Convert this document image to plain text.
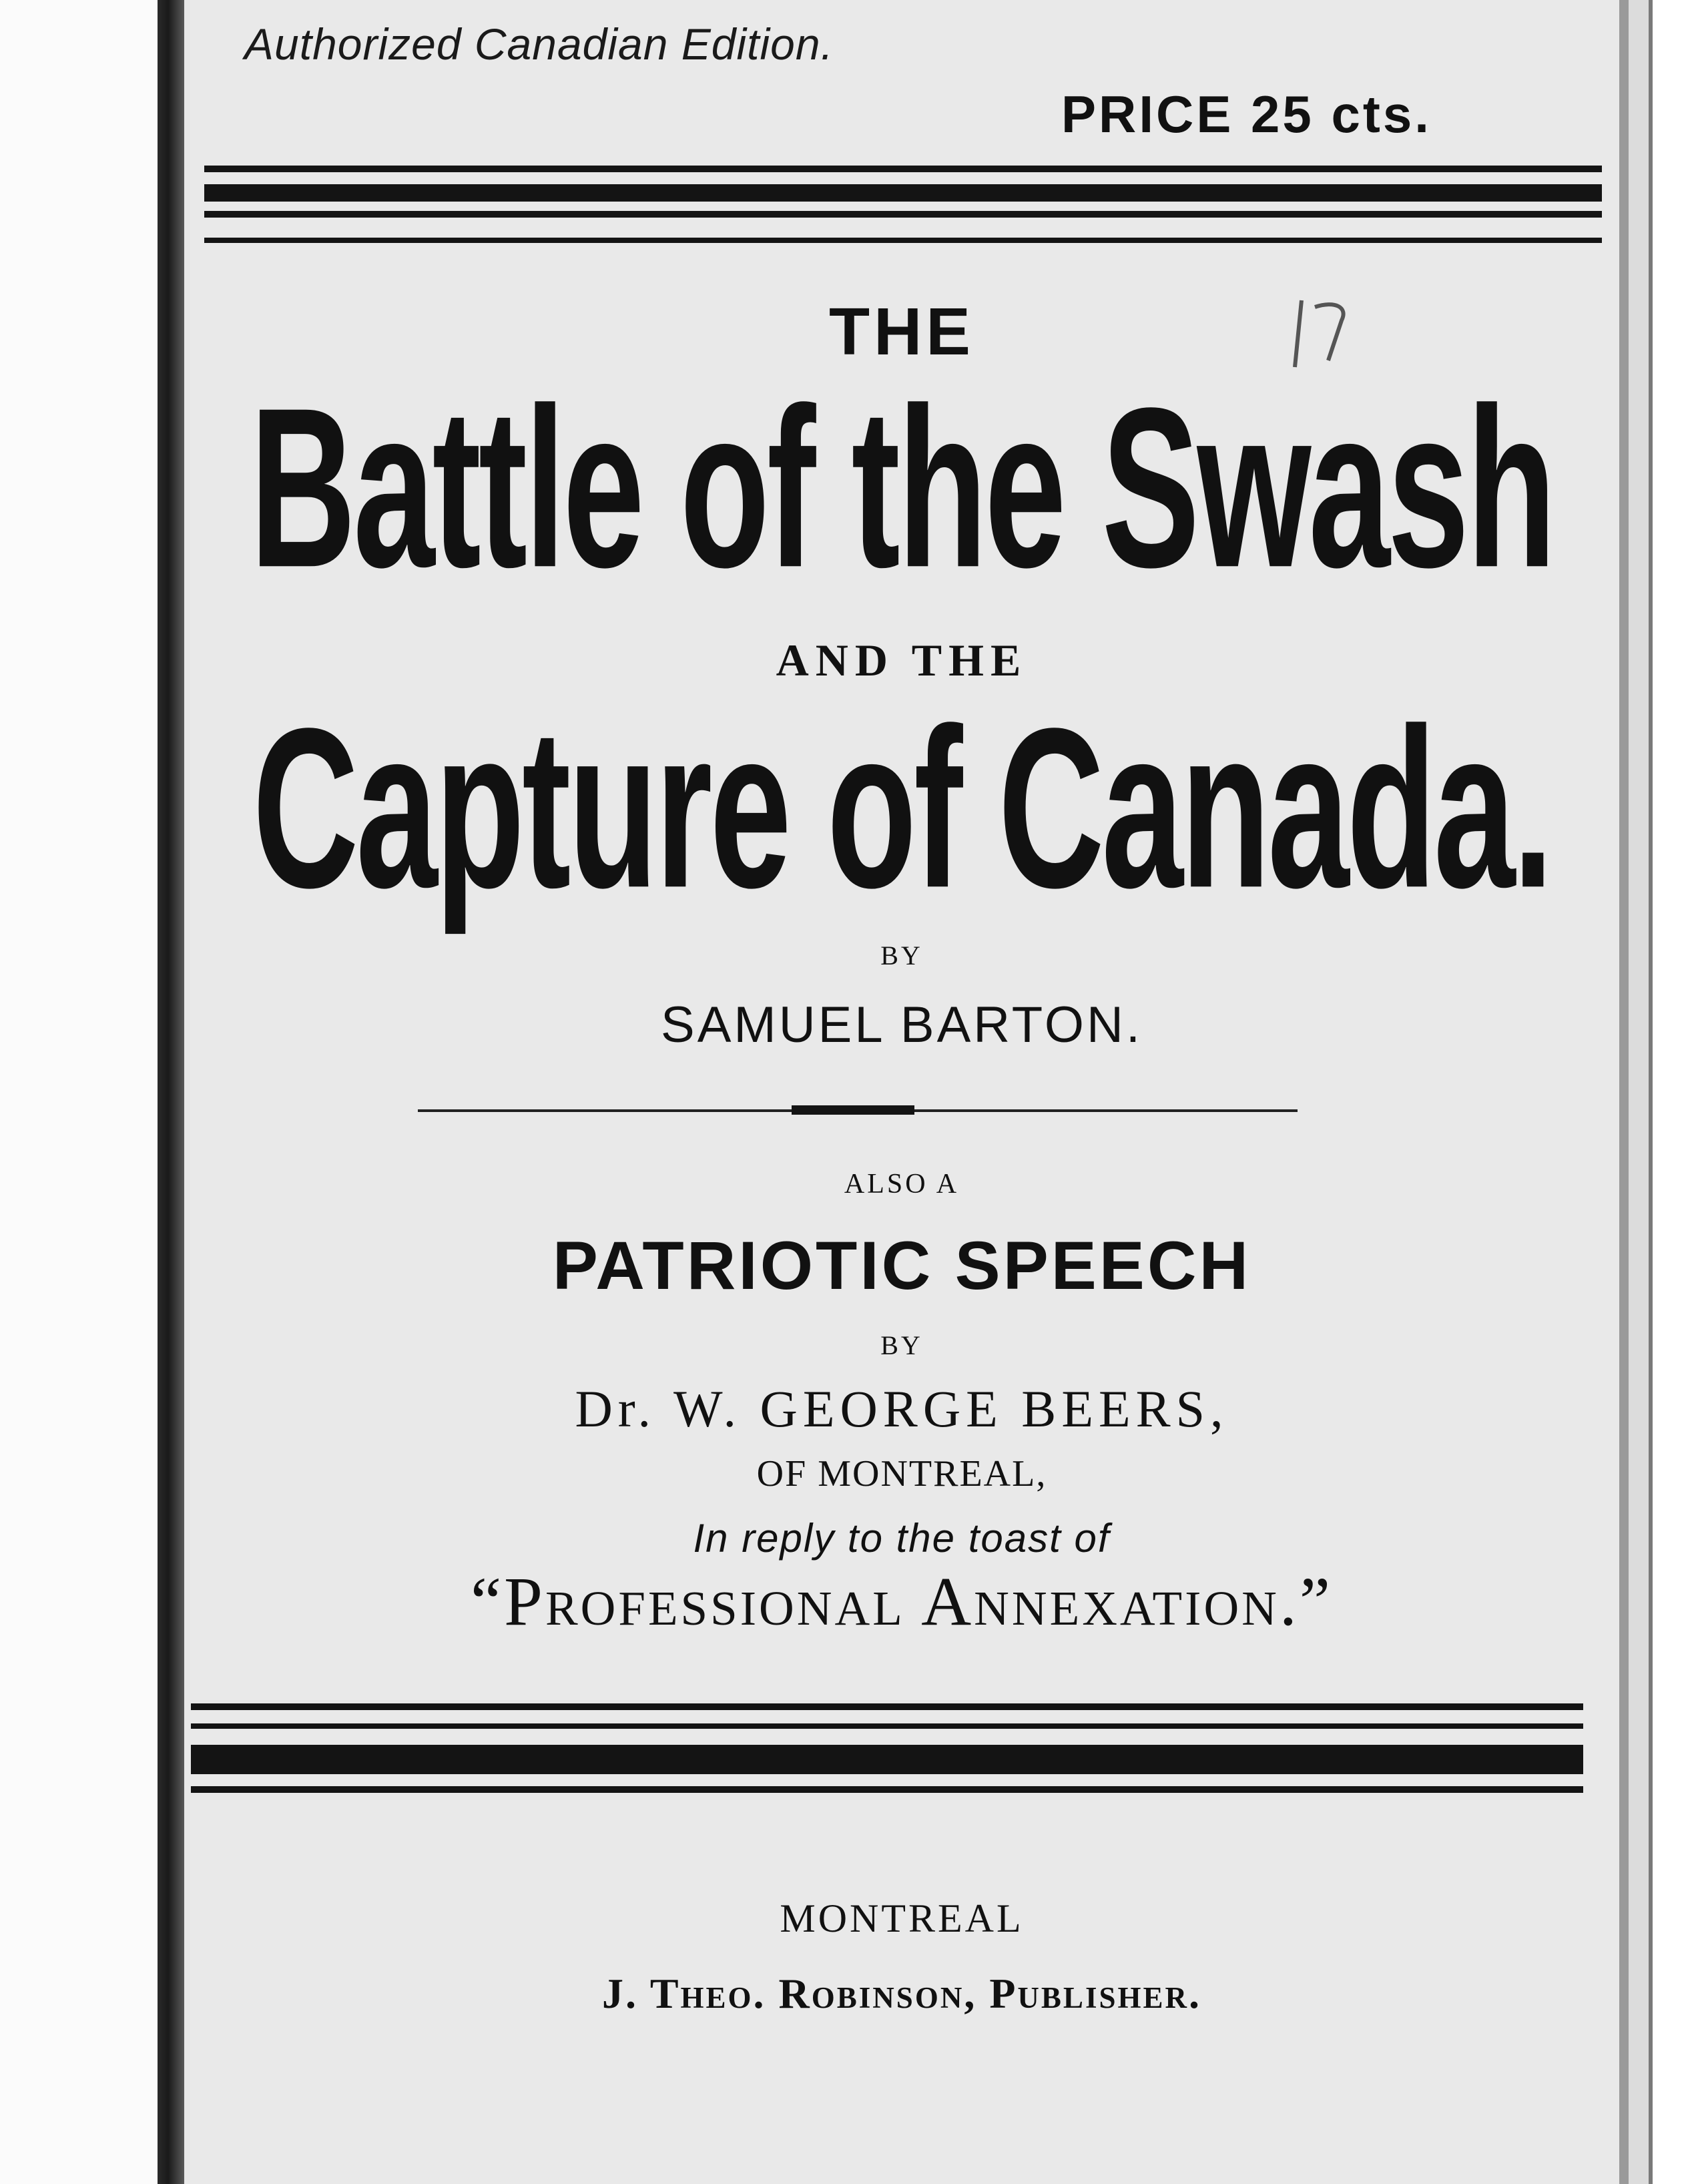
Authorized Canadian Edition.
PRICE 25 cts.
THE
Battle of the Swash
AND THE
Capture of Canada.
BY
SAMUEL BARTON.
ALSO A
PATRIOTIC SPEECH
BY
Dr. W. GEORGE BEERS,
OF MONTREAL,
In reply to the toast of
“Professional Annexation.”
MONTREAL
J. Theo. Robinson, Publisher.
